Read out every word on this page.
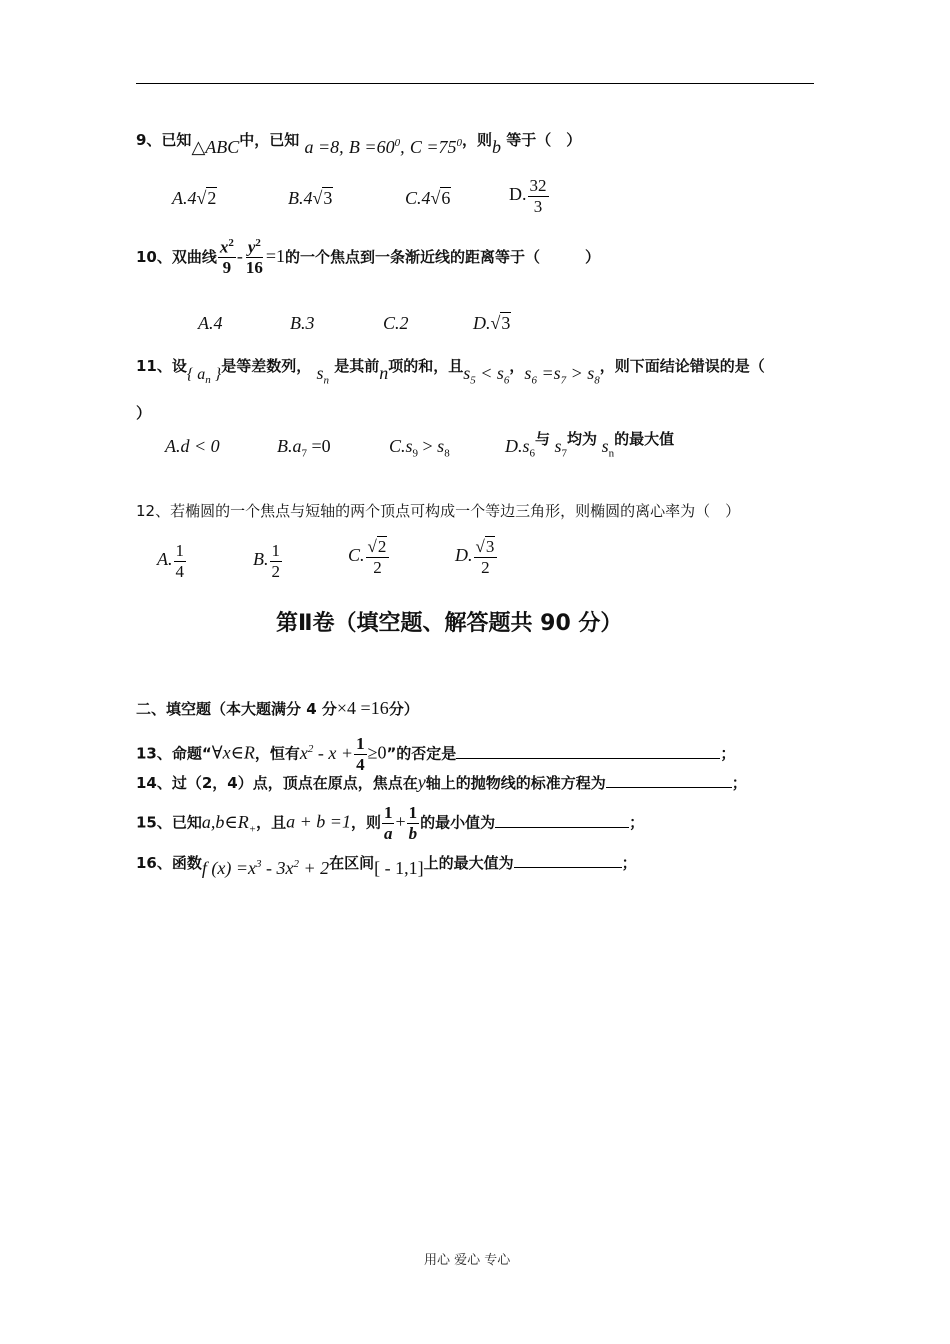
9、已知△ABC中，已知 a =8, $B =60^0$, $C =75^0$，则b 等于（　）
A.4√2	B.4√3	C.4√6	D. $\frac{32}{3}$
10、双曲线 $\frac{x^2}{9} - \frac{y^2}{16} =1$的一个焦点到一条渐近线的距离等于（　　　）
A.4	B.3	C.2	D.√3
11、设{ $a_n$ }是等差数列， $s_n$ 是其前n项的和，且$s_5 < s_6$，$s_6 =s_7 > s_8$，则下面结论错误的是（
）
A.d < 0	$B.a_7 =0$	$C.s_9 > s_8$	$D.s_6^与$ $s_7^{均为}$ $s_n^{的最大值}$
12、若椭圆的一个焦点与短轴的两个顶点可构成一个等边三角形，则椭圆的离心率为（　）
A. $\frac{1}{4}$	B. $\frac{1}{2}$	C. $\frac{√2}{2}$	D. $\frac{√3}{2}$
第Ⅱ卷（填空题、解答题共 90 分）
二、填空题（本大题满分 4 分×4 =16分）
13、命题“∀x∈R，恒有$x^2 - x + \frac{1}{4} \ge 0$”的否定是	；
14、过（2，4）点，顶点在原点，焦点在y轴上的抛物线的标准方程为	；
15、已知$a,b\in R_+$，且a + b =1，则 $\frac{1}{a} + \frac{1}{b}$ 的最小值为	；
16、函数f $(x) =x^3 - 3x^2 + 2$在区间[ - 1,1]上的最大值为	；
用心 爱心 专心
